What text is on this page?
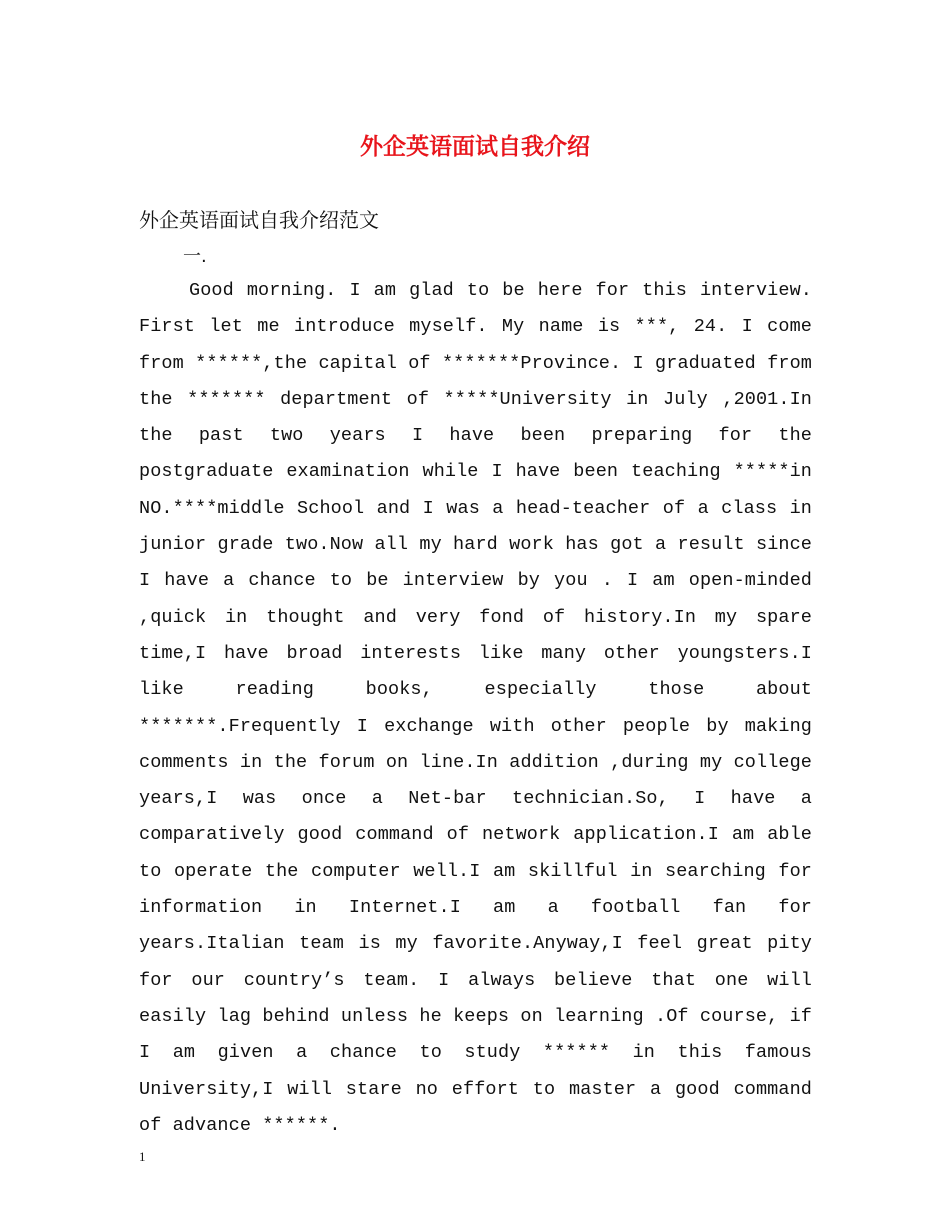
外企英语面试自我介绍
外企英语面试自我介绍范文
一.

Good morning. I am glad to be here for this interview. First let me introduce myself. My name is ***, 24. I come from ******,the capital of *******Province. I graduated from the ******* department of *****University in July ,2001.In the past two years I have been preparing for the postgraduate examination while I have been teaching *****in NO.****middle School and I was a head-teacher of a class in junior grade two.Now all my hard work has got a result since I have a chance to be interview by you . I am open-minded ,quick in thought and very fond of history.In my spare time,I have broad interests like many other youngsters.I like reading books, especially those about *******.Frequently I exchange with other people by making comments in the forum on line.In addition ,during my college years,I was once a Net-bar technician.So, I have a comparatively good command of network application.I am able to operate the computer well.I am skillful in searching for information in Internet.I am a football fan for years.Italian team is my favorite.Anyway,I feel great pity for our country’s team. I always believe that one will easily lag behind unless he keeps on learning .Of course, if I am given a chance to study ****** in this famous University,I will stare no effort to master a good command of advance ******.

1
